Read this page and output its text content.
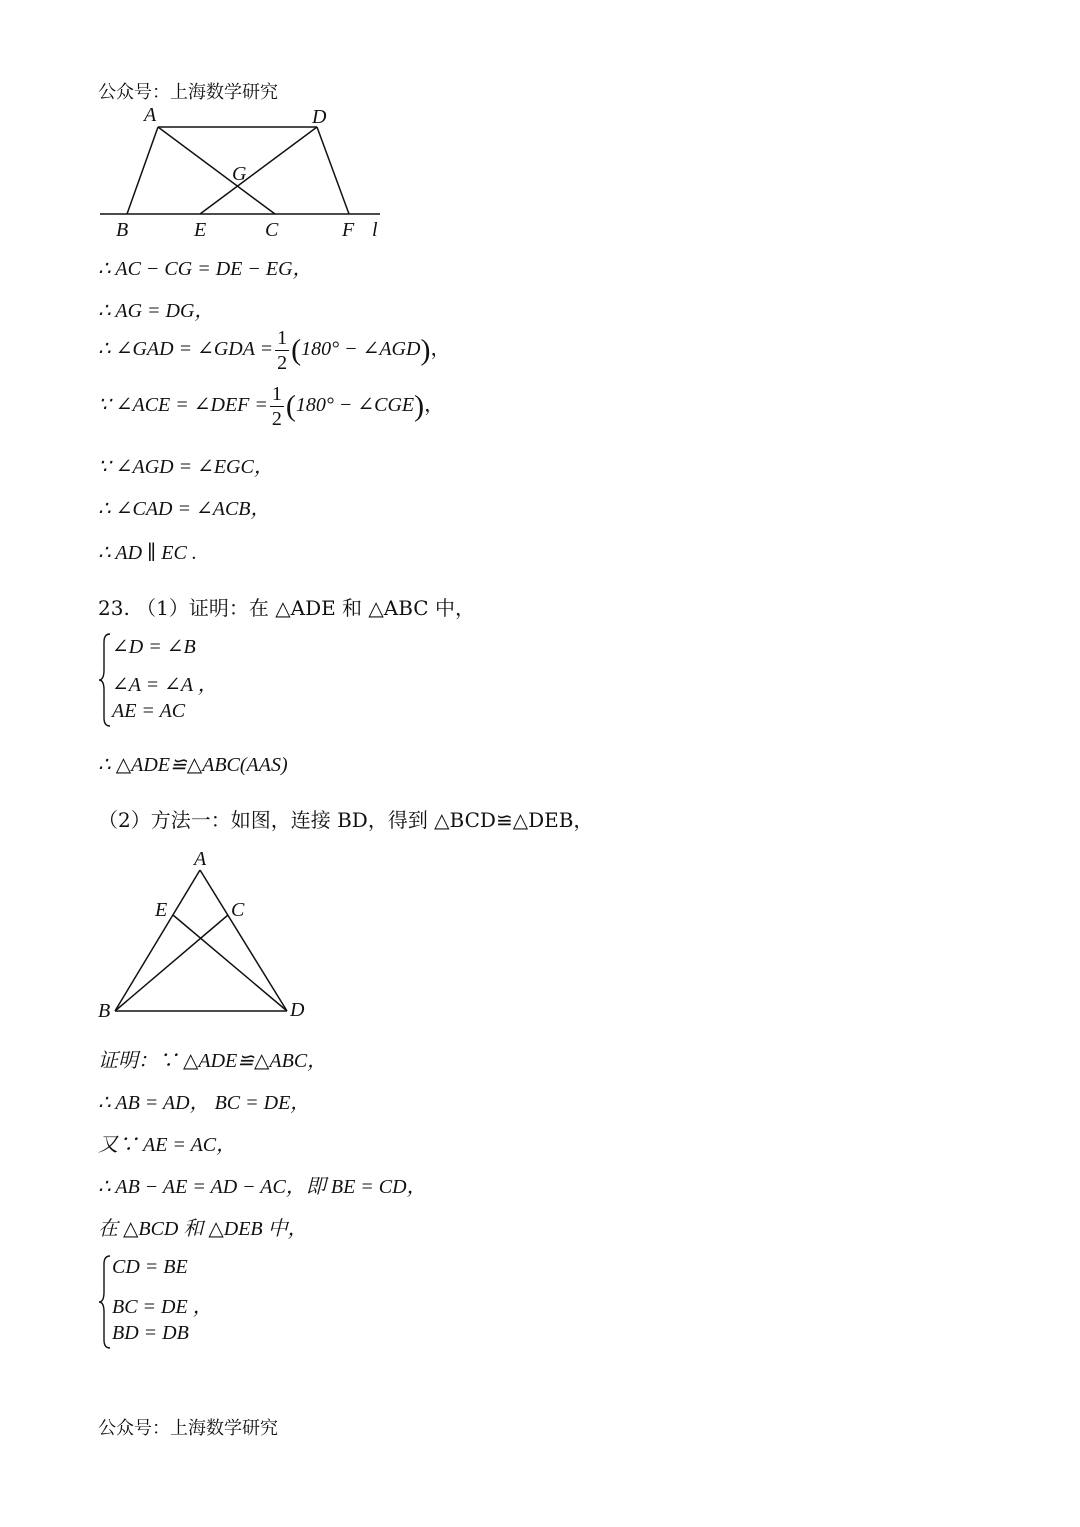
公众号：上海数学研究
A	D
G
B	E	C	F l
∴ AC − CG = DE − EG，
∴ AG = DG，
∴ ∠GAD = ∠GDA = $\frac{1}{2} (180^\circ$ − ∠AGD)，
∵ ∠ACE = ∠DEF = $\frac{1}{2} (180^\circ$ − ∠CGE)，
∵ ∠AGD = ∠EGC，
∴ ∠CAD = ∠ACB，
∴ AD ∥ EC .
23. （1）证明：在 △ADE 和 △ABC 中，
∠D = ∠B
∠A = ∠A ，
AE = AC
∴ △ADE≌△ABC(AAS)
（2）方法一：如图，连接 BD，得到 △BCD≌△DEB，
A
E	C
B	D
证明：∵ △ADE≌△ABC，
∴ AB = AD， BC = DE，
又∵ AE = AC，
∴ AB − AE = AD − AC，即 BE = CD，
在 △BCD 和 △DEB 中，
CD = BE
BC = DE ，
BD = DB
公众号：上海数学研究
